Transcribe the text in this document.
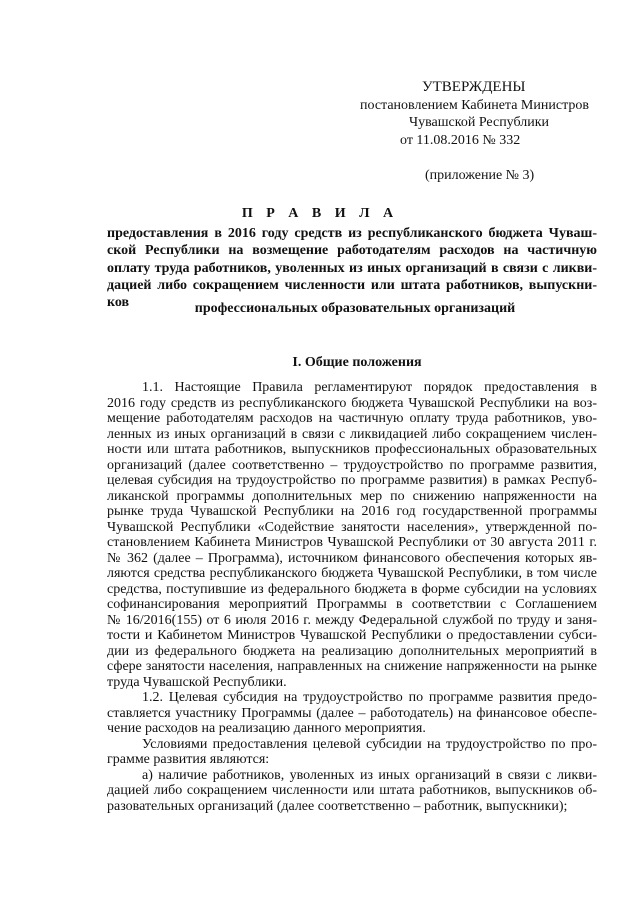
УТВЕРЖДЕНЫ
постановлением Кабинета Министров
Чувашской Республики
от 11.08.2016 № 332
(приложение № 3)
П Р А В И Л А
предоставления в 2016 году средств из республиканского бюджета Чуваш-
ской Республики на возмещение работодателям расходов на частичную
оплату труда работников, уволенных из иных организаций в связи с ликви-
дацией либо сокращением численности или штата работников, выпускни-
ков	профессиональных образовательных организаций
I. Общие положения
1.1. Настоящие Правила регламентируют порядок предоставления в
2016 году средств из республиканского бюджета Чувашской Республики на воз-
мещение работодателям расходов на частичную оплату труда работников, уво-
ленных из иных организаций в связи с ликвидацией либо сокращением числен-
ности или штата работников, выпускников профессиональных образовательных
организаций (далее соответственно – трудоустройство по программе развития,
целевая субсидия на трудоустройство по программе развития) в рамках Респуб-
ликанской программы дополнительных мер по снижению напряженности на
рынке труда Чувашской Республики на 2016 год государственной программы
Чувашской Республики «Содействие занятости населения», утвержденной по-
становлением Кабинета Министров Чувашской Республики от 30 августа 2011 г.
№ 362 (далее – Программа), источником финансового обеспечения которых яв-
ляются средства республиканского бюджета Чувашской Республики, в том числе
средства, поступившие из федерального бюджета в форме субсидии на условиях
софинансирования мероприятий Программы в соответствии с Соглашением
№ 16/2016(155) от 6 июля 2016 г. между Федеральной службой по труду и заня-
тости и Кабинетом Министров Чувашской Республики о предоставлении субси-
дии из федерального бюджета на реализацию дополнительных мероприятий в
сфере занятости населения, направленных на снижение напряженности на рынке
труда Чувашской Республики.
1.2. Целевая субсидия на трудоустройство по программе развития предо-
ставляется участнику Программы (далее – работодатель) на финансовое обеспе-
чение расходов на реализацию данного мероприятия.
Условиями предоставления целевой субсидии на трудоустройство по про-
грамме развития являются:
а) наличие работников, уволенных из иных организаций в связи с ликви-
дацией либо сокращением численности или штата работников, выпускников об-
разовательных организаций (далее соответственно – работник, выпускники);
